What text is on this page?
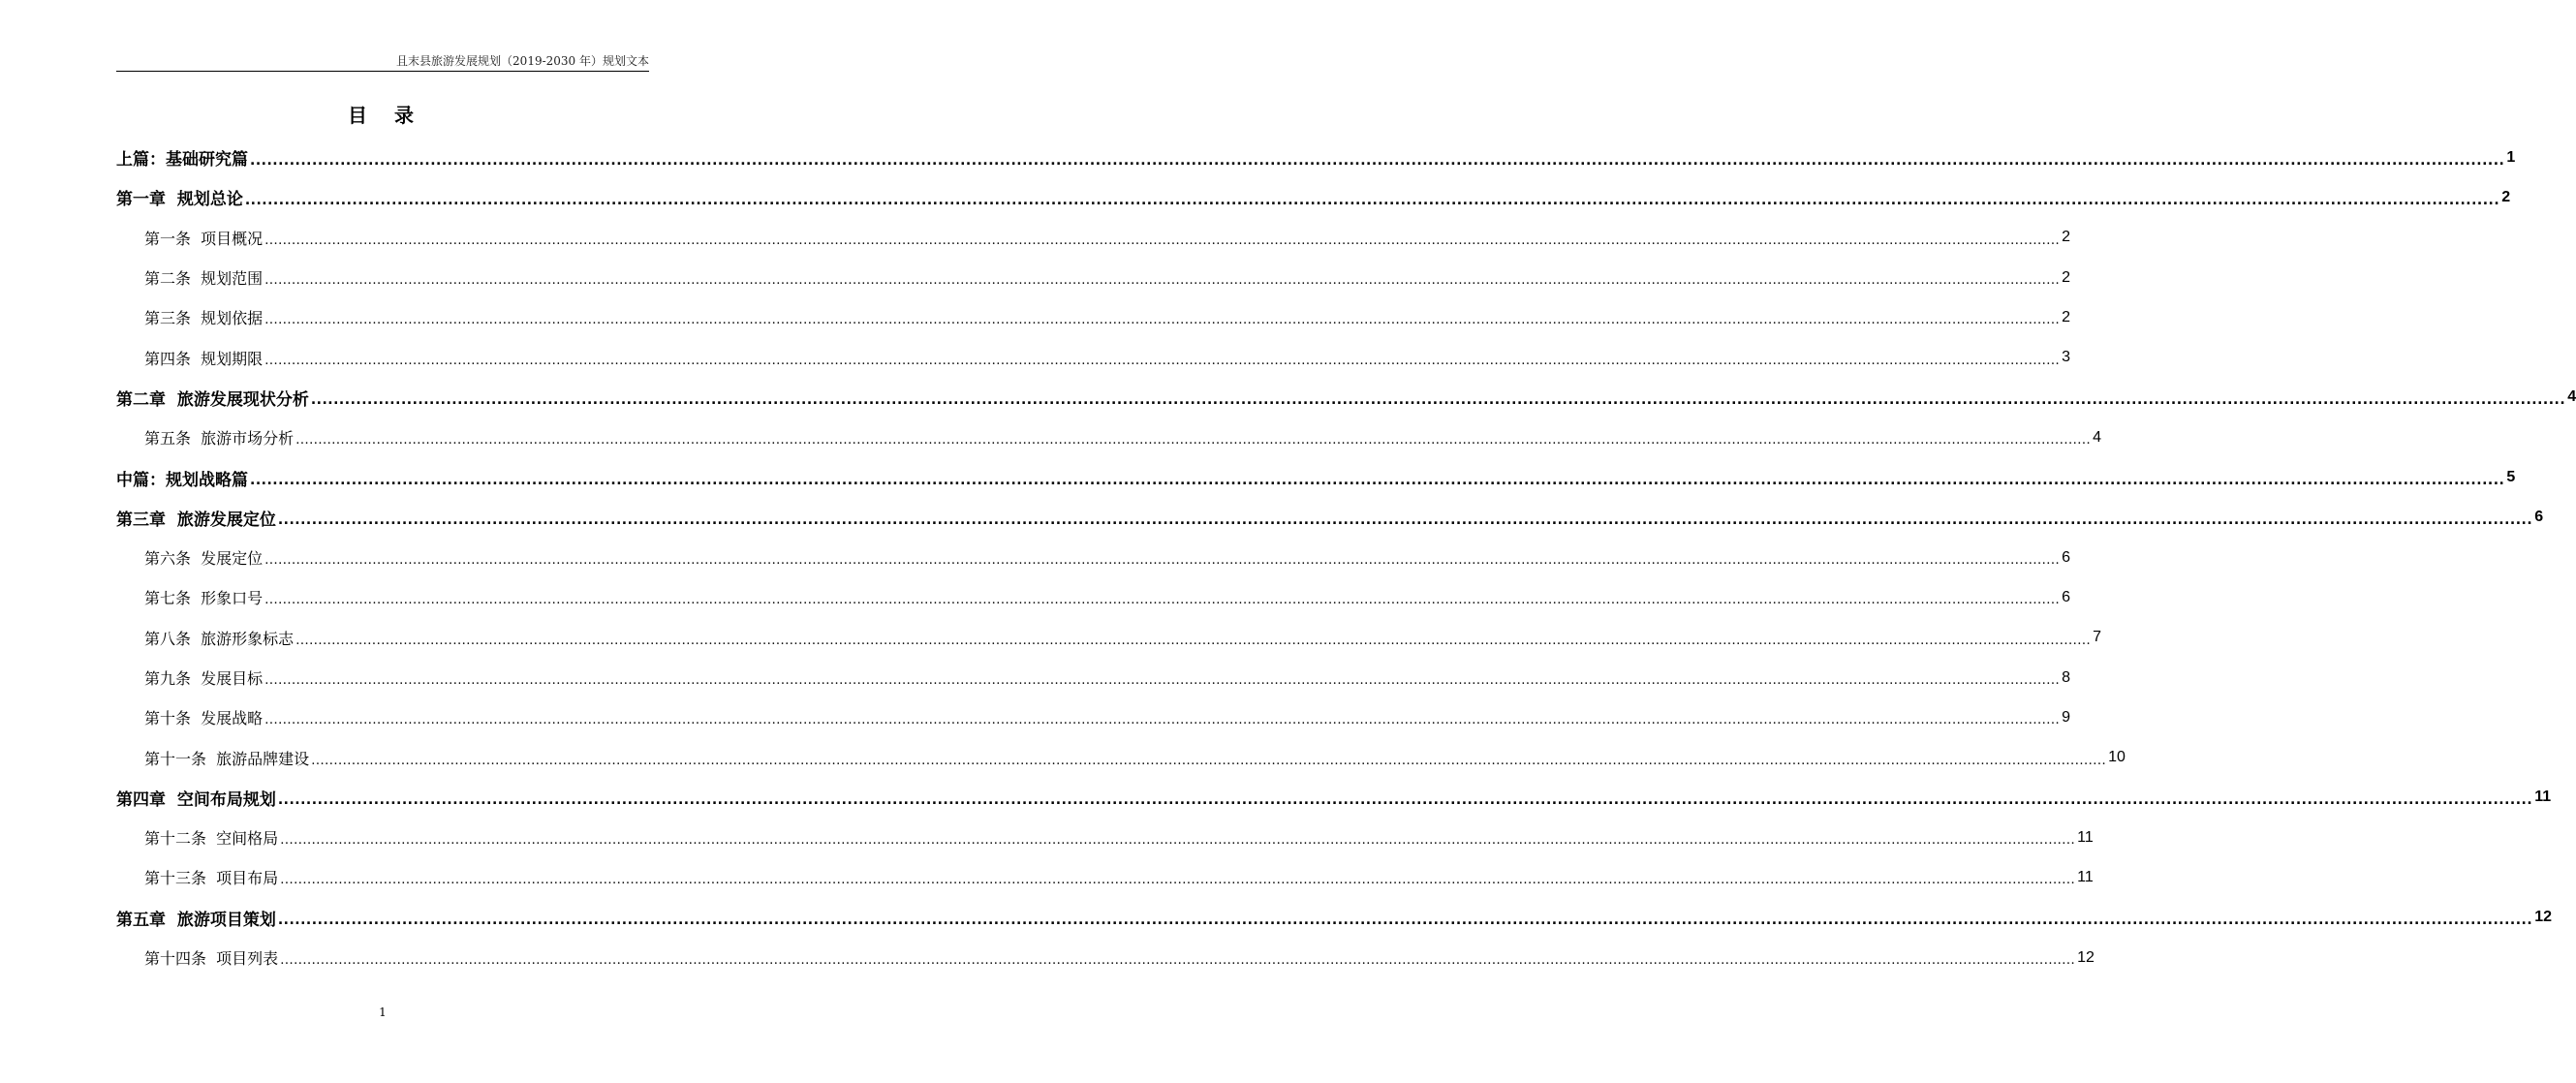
且末县旅游发展规划（2019-2030 年）规划文本
目　录
上篇：基础研究篇 ................................................................................................................................................................................................................................................................................................................................................................................................................ 1
第一章  规划总论 ................................................................................................................................................................................................................................................................................................................................................................................................................ 2
第一条  项目概况 ................................................................................................................................................................................................................................................................................................................................................................................................................ 2
第二条  规划范围 ................................................................................................................................................................................................................................................................................................................................................................................................................ 2
第三条  规划依据 ................................................................................................................................................................................................................................................................................................................................................................................................................ 2
第四条  规划期限 ................................................................................................................................................................................................................................................................................................................................................................................................................ 3
第二章  旅游发展现状分析 ................................................................................................................................................................................................................................................................................................................................................................................................................ 4
第五条  旅游市场分析 ................................................................................................................................................................................................................................................................................................................................................................................................................ 4
中篇：规划战略篇 ................................................................................................................................................................................................................................................................................................................................................................................................................ 5
第三章  旅游发展定位 ................................................................................................................................................................................................................................................................................................................................................................................................................ 6
第六条  发展定位 ................................................................................................................................................................................................................................................................................................................................................................................................................ 6
第七条  形象口号 ................................................................................................................................................................................................................................................................................................................................................................................................................ 6
第八条  旅游形象标志 ................................................................................................................................................................................................................................................................................................................................................................................................................ 7
第九条  发展目标 ................................................................................................................................................................................................................................................................................................................................................................................................................ 8
第十条  发展战略 ................................................................................................................................................................................................................................................................................................................................................................................................................ 9
第十一条  旅游品牌建设 ................................................................................................................................................................................................................................................................................................................................................................................................................ 10
第四章  空间布局规划 ................................................................................................................................................................................................................................................................................................................................................................................................................ 11
第十二条  空间格局 ................................................................................................................................................................................................................................................................................................................................................................................................................ 11
第十三条  项目布局 ................................................................................................................................................................................................................................................................................................................................................................................................................ 11
第五章  旅游项目策划 ................................................................................................................................................................................................................................................................................................................................................................................................................ 12
第十四条  项目列表 ................................................................................................................................................................................................................................................................................................................................................................................................................ 12
1
